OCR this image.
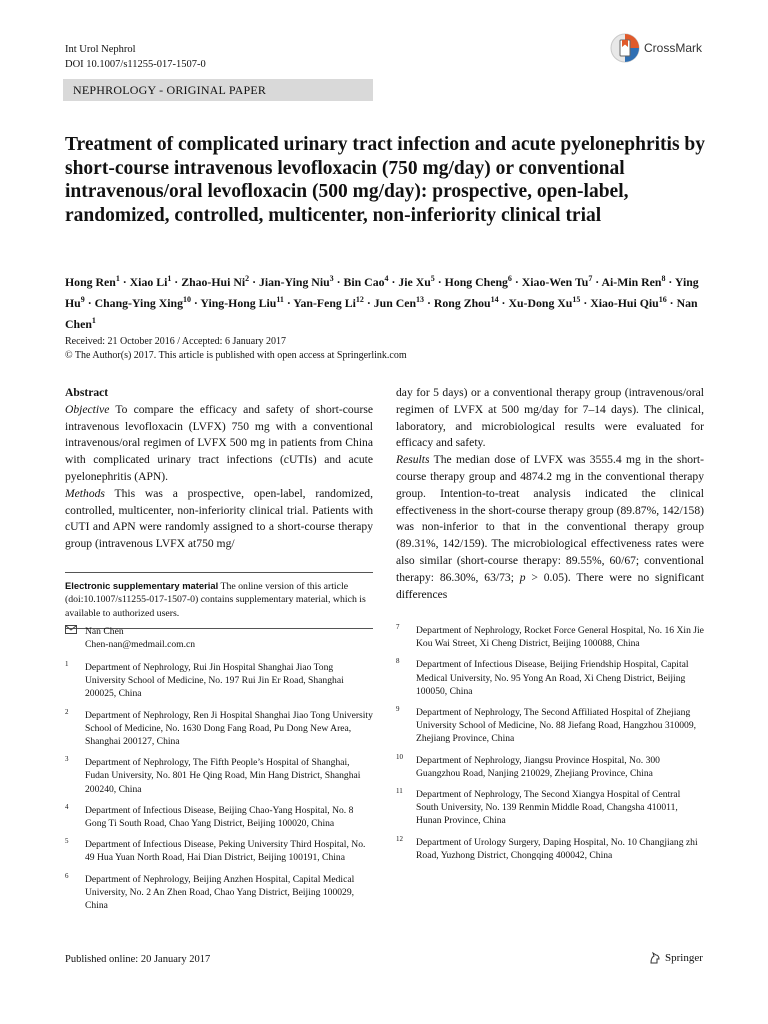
Int Urol Nephrol
DOI 10.1007/s11255-017-1507-0
CrossMark
NEPHROLOGY - ORIGINAL PAPER
Treatment of complicated urinary tract infection and acute pyelonephritis by short-course intravenous levofloxacin (750 mg/day) or conventional intravenous/oral levofloxacin (500 mg/day): prospective, open-label, randomized, controlled, multicenter, non-inferiority clinical trial
Hong Ren$^1$ · Xiao $Li^1$ · Zhao-Hui $Ni^2$ · Jian-Ying Niu$^3$ · Bin Cao$^4$ · Jie $Xu^5$ · Hong Cheng$^6$ · Xiao-Wen $Tu^7 \cdot Ai-Min$ Ren$^8$ · Ying $Hu^9$ · Chang-Ying Xing$^{10}$ · Ying-Hong Liu$^{11}$ · Yan-Feng $Li^{12}$ · Jun Cen$^{13}$ · Rong Zhou$^{14}$ · Xu-Dong $Xu^{15}$ · Xiao-Hui Qiu$^{16}$ · Nan Chen$^1$
Received: 21 October 2016 / Accepted: 6 January 2017
© The Author(s) 2017. This article is published with open access at Springerlink.com
Abstract
Objective To compare the efficacy and safety of short-course intravenous levofloxacin (LVFX) 750 mg with a conventional intravenous/oral regimen of LVFX 500 mg in patients from China with complicated urinary tract infections (cUTIs) and acute pyelonephritis (APN).
Methods This was a prospective, open-label, randomized, controlled, multicenter, non-inferiority clinical trial. Patients with cUTI and APN were randomly assigned to a short-course therapy group (intravenous LVFX at750 mg/
day for 5 days) or a conventional therapy group (intravenous/oral regimen of LVFX at 500 mg/day for 7–14 days). The clinical, laboratory, and microbiological results were evaluated for efficacy and safety.
Results The median dose of LVFX was 3555.4 mg in the short-course therapy group and 4874.2 mg in the conventional therapy group. Intention-to-treat analysis indicated the clinical effectiveness in the short-course therapy group (89.87%, 142/158) was non-inferior to that in the conventional therapy group (89.31%, 142/159). The microbiological effectiveness rates were also similar (short-course therapy: 89.55%, 60/67; conventional therapy: 86.30%, 63/73; p > 0.05). There were no significant differences
Electronic supplementary material The online version of this article (doi:10.1007/s11255-017-1507-0) contains supplementary material, which is available to authorized users.
Nan Chen
Chen-nan@medmail.com.cn
1 Department of Nephrology, Rui Jin Hospital Shanghai Jiao Tong University School of Medicine, No. 197 Rui Jin Er Road, Shanghai 200025, China
2 Department of Nephrology, Ren Ji Hospital Shanghai Jiao Tong University School of Medicine, No. 1630 Dong Fang Road, Pu Dong New Area, Shanghai 200127, China
3 Department of Nephrology, The Fifth People’s Hospital of Shanghai, Fudan University, No. 801 He Qing Road, Min Hang District, Shanghai 200240, China
4 Department of Infectious Disease, Beijing Chao-Yang Hospital, No. 8 Gong Ti South Road, Chao Yang District, Beijing 100020, China
5 Department of Infectious Disease, Peking University Third Hospital, No. 49 Hua Yuan North Road, Hai Dian District, Beijing 100191, China
6 Department of Nephrology, Beijing Anzhen Hospital, Capital Medical University, No. 2 An Zhen Road, Chao Yang District, Beijing 100029, China
7 Department of Nephrology, Rocket Force General Hospital, No. 16 Xin Jie Kou Wai Street, Xi Cheng District, Beijing 100088, China
8 Department of Infectious Disease, Beijing Friendship Hospital, Capital Medical University, No. 95 Yong An Road, Xi Cheng District, Beijing 100050, China
9 Department of Nephrology, The Second Affiliated Hospital of Zhejiang University School of Medicine, No. 88 Jiefang Road, Hangzhou 310009, Zhejiang Province, China
10 Department of Nephrology, Jiangsu Province Hospital, No. 300 Guangzhou Road, Nanjing 210029, Zhejiang Province, China
11 Department of Nephrology, The Second Xiangya Hospital of Central South University, No. 139 Renmin Middle Road, Changsha 410011, Hunan Province, China
12 Department of Urology Surgery, Daping Hospital, No. 10 Changjiang zhi Road, Yuzhong District, Chongqing 400042, China
Published online: 20 January 2017	Springer
